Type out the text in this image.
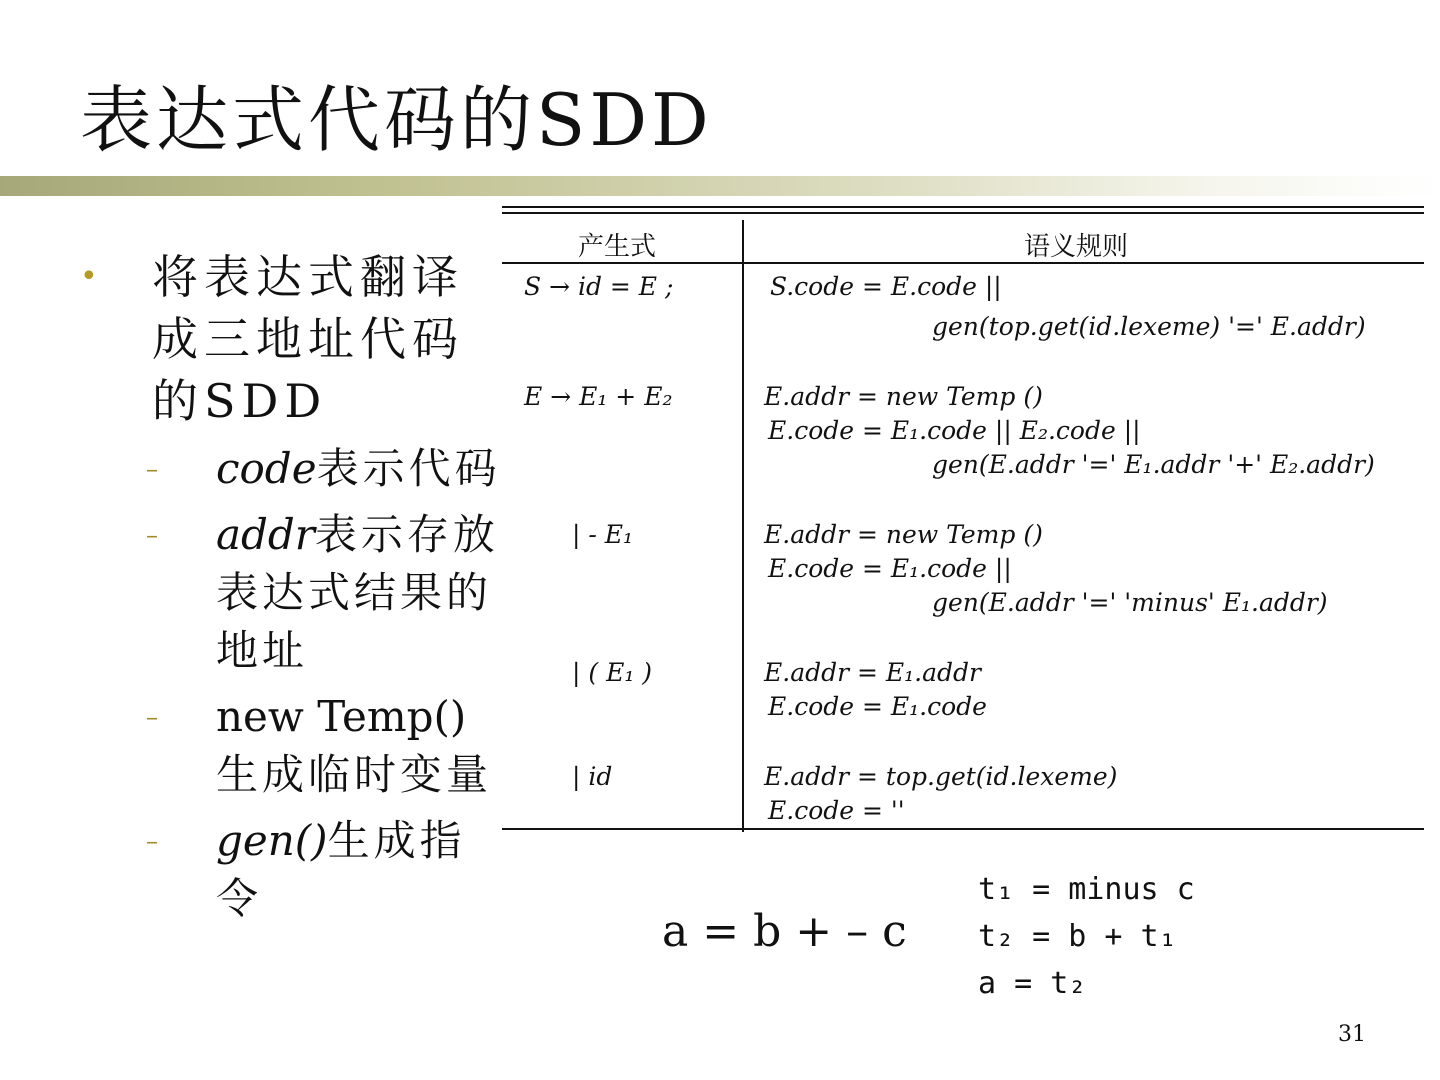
表达式代码的SDD
• 将表达式翻译成三地址代码的SDD
– code表示代码
– addr表示存放表达式结果的地址
– new Temp()生成临时变量
– gen()生成指令
产生式	语义规则
S → id = E ;	S.code = E.code ||
gen(top.get(id.lexeme) '=' E.addr)
E → E₁ + E₂	E.addr = new Temp ()
E.code = E₁.code || E₂.code ||
gen(E.addr '=' E₁.addr '+' E₂.addr)
| - E₁	E.addr = new Temp ()
E.code = E₁.code ||
gen(E.addr '=' 'minus' E₁.addr)
| ( E₁ )	E.addr = E₁.addr
E.code = E₁.code
| id	E.addr = top.get(id.lexeme)
E.code = ''
a = b + – c
t₁ = minus c
t₂ = b + t₁
a = t₂
31
